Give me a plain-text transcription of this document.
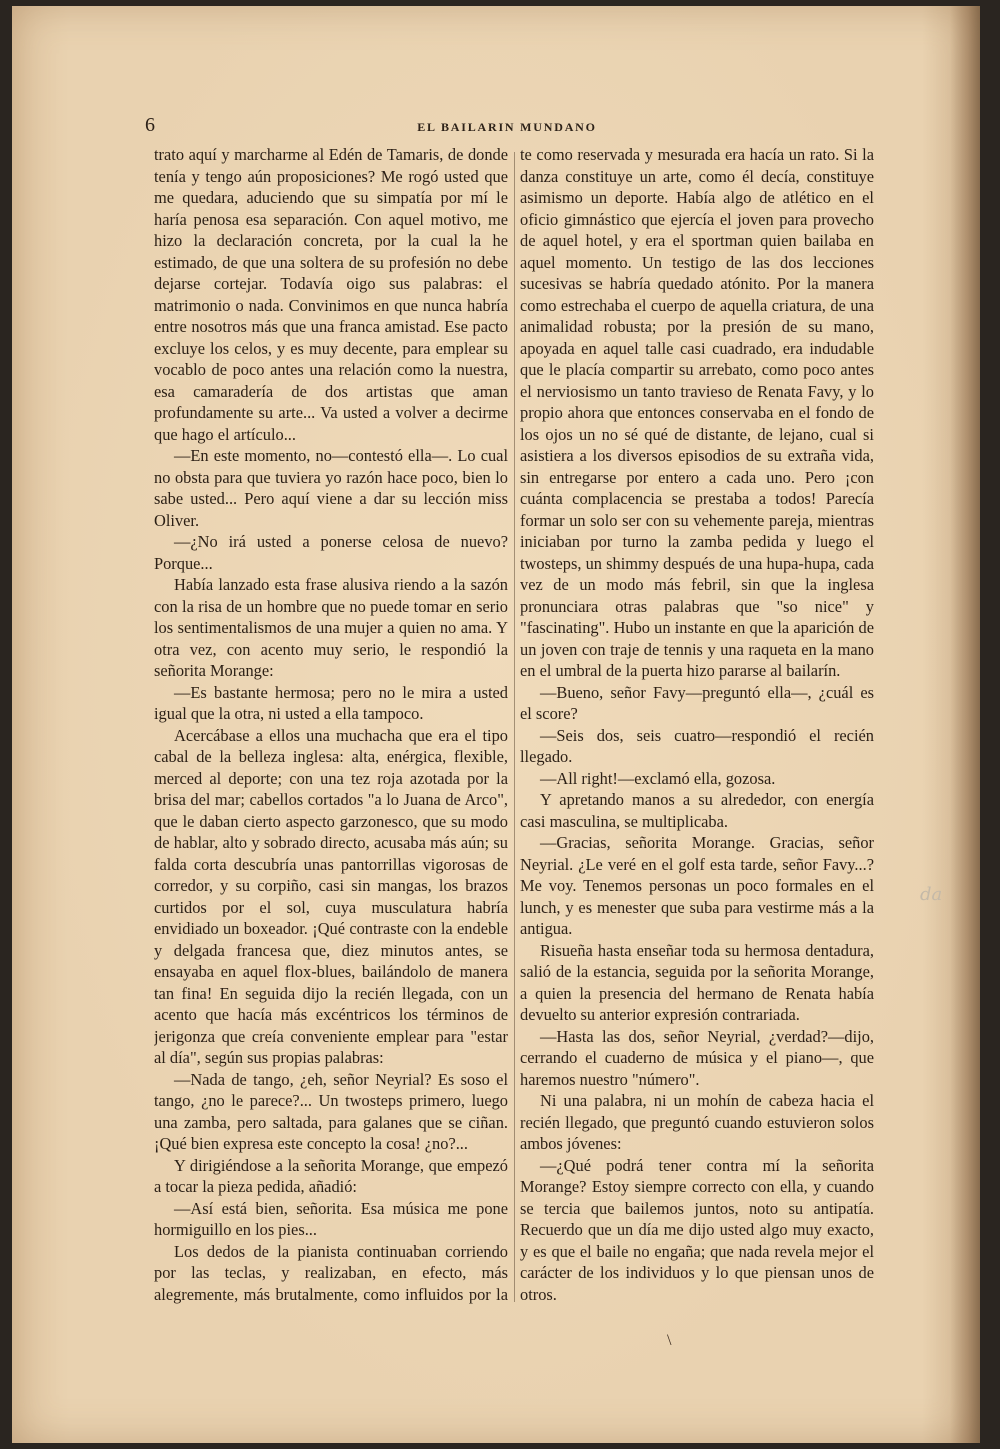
6	EL BAILARIN MUNDANO

trato aquí y marcharme al Edén de Tamaris, de donde tenía y tengo aún proposiciones? Me rogó usted que me quedara, aduciendo que su simpatía por mí le haría penosa esa separación. Con aquel motivo, me hizo la declaración concreta, por la cual la he estimado, de que una soltera de su profesión no debe dejarse cortejar. Todavía oigo sus palabras: el matrimonio o nada. Convinimos en que nunca habría entre nosotros más que una franca amistad. Ese pacto excluye los celos, y es muy decente, para emplear su vocablo de poco antes una relación como la nuestra, esa camaradería de dos artistas que aman profundamente su arte... Va usted a volver a decirme que hago el artículo...

—En este momento, no—contestó ella—. Lo cual no obsta para que tuviera yo razón hace poco, bien lo sabe usted... Pero aquí viene a dar su lección miss Oliver.

—¿No irá usted a ponerse celosa de nuevo? Porque...

Había lanzado esta frase alusiva riendo a la sazón con la risa de un hombre que no puede tomar en serio los sentimentalismos de una mujer a quien no ama. Y otra vez, con acento muy serio, le respondió la señorita Morange:

—Es bastante hermosa; pero no le mira a usted igual que la otra, ni usted a ella tampoco.

Acercábase a ellos una muchacha que era el tipo cabal de la belleza inglesa: alta, enérgica, flexible, merced al deporte; con una tez roja azotada por la brisa del mar; cabellos cortados "a lo Juana de Arco", que le daban cierto aspecto garzonesco, que su modo de hablar, alto y sobrado directo, acusaba más aún; su falda corta descubría unas pantorrillas vigorosas de corredor, y su corpiño, casi sin mangas, los brazos curtidos por el sol, cuya musculatura habría envidiado un boxeador. ¡Qué contraste con la endeble y delgada francesa que, diez minutos antes, se ensayaba en aquel flox-blues, bailándolo de manera tan fina! En seguida dijo la recién llegada, con un acento que hacía más excéntricos los términos de jerigonza que creía conveniente emplear para "estar al día", según sus propias palabras:

—Nada de tango, ¿eh, señor Neyrial? Es soso el tango, ¿no le parece?... Un twosteps primero, luego una zamba, pero saltada, para galanes que se ciñan. ¡Qué bien expresa este concepto la cosa! ¿no?...

Y dirigiéndose a la señorita Morange, que empezó a tocar la pieza pedida, añadió:

—Así está bien, señorita. Esa música me pone hormiguillo en los pies...

Los dedos de la pianista continuaban corriendo por las teclas, y realizaban, en efecto, más alegremente, más brutalmente, como influidos por la

te como reservada y mesurada era hacía un rato. Si la danza constituye un arte, como él decía, constituye asimismo un deporte. Había algo de atlético en el oficio gimnástico que ejercía el joven para provecho de aquel hotel, y era el sportman quien bailaba en aquel momento. Un testigo de las dos lecciones sucesivas se habría quedado atónito. Por la manera como estrechaba el cuerpo de aquella criatura, de una animalidad robusta; por la presión de su mano, apoyada en aquel talle casi cuadrado, era indudable que le placía compartir su arrebato, como poco antes el nerviosismo un tanto travieso de Renata Favy, y lo propio ahora que entonces conservaba en el fondo de los ojos un no sé qué de distante, de lejano, cual si asistiera a los diversos episodios de su extraña vida, sin entregarse por entero a cada uno. Pero ¡con cuánta complacencia se prestaba a todos! Parecía formar un solo ser con su vehemente pareja, mientras iniciaban por turno la zamba pedida y luego el twosteps, un shimmy después de una hupa-hupa, cada vez de un modo más febril, sin que la inglesa pronunciara otras palabras que "so nice" y "fascinating". Hubo un instante en que la aparición de un joven con traje de tennis y una raqueta en la mano en el umbral de la puerta hizo pararse al bailarín.

—Bueno, señor Favy—preguntó ella—, ¿cuál es el score?

—Seis dos, seis cuatro—respondió el recién llegado.

—All right!—exclamó ella, gozosa.

Y apretando manos a su alrededor, con energía casi masculina, se multiplicaba.

—Gracias, señorita Morange. Gracias, señor Neyrial. ¿Le veré en el golf esta tarde, señor Favy...? Me voy. Tenemos personas un poco formales en el lunch, y es menester que suba para vestirme más a la antigua.

Risueña hasta enseñar toda su hermosa dentadura, salió de la estancia, seguida por la señorita Morange, a quien la presencia del hermano de Renata había devuelto su anterior expresión contrariada.

—Hasta las dos, señor Neyrial, ¿verdad?—dijo, cerrando el cuaderno de música y el piano—, que haremos nuestro "número".

Ni una palabra, ni un mohín de cabeza hacia el recién llegado, que preguntó cuando estuvieron solos ambos jóvenes:

—¿Qué podrá tener contra mí la señorita Morange? Estoy siempre correcto con ella, y cuando se tercia que bailemos juntos, noto su antipatía. Recuerdo que un día me dijo usted algo muy exacto, y es que el baile no engaña; que nada revela mejor el carácter de los individuos y lo que piensan unos de otros.

da
\
